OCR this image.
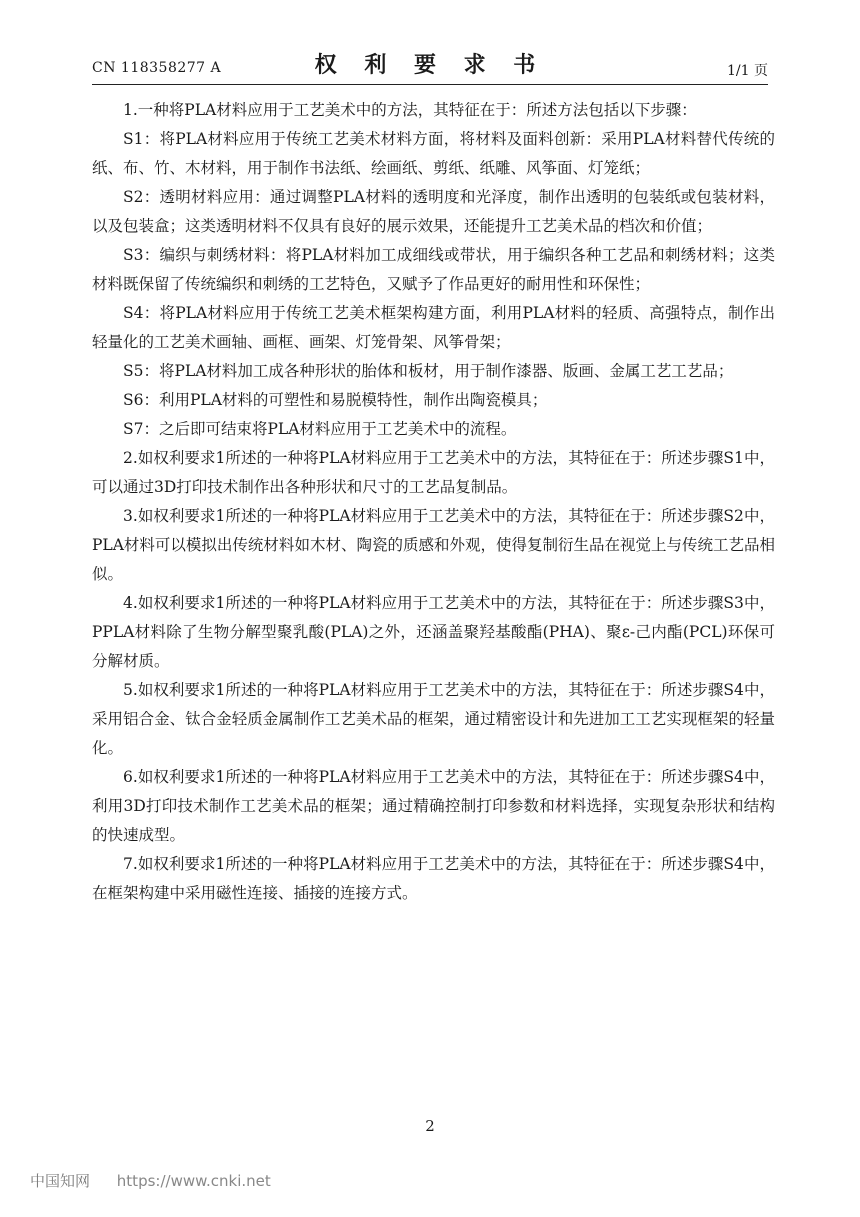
CN 118358277 A	权 利 要 求 书	1/1 页

1.一种将PLA材料应用于工艺美术中的方法，其特征在于：所述方法包括以下步骤：

S1：将PLA材料应用于传统工艺美术材料方面，将材料及面料创新：采用PLA材料替代传统的纸、布、竹、木材料，用于制作书法纸、绘画纸、剪纸、纸雕、风筝面、灯笼纸；

S2：透明材料应用：通过调整PLA材料的透明度和光泽度，制作出透明的包装纸或包装材料，以及包装盒；这类透明材料不仅具有良好的展示效果，还能提升工艺美术品的档次和价值；

S3：编织与刺绣材料：将PLA材料加工成细线或带状，用于编织各种工艺品和刺绣材料；这类材料既保留了传统编织和刺绣的工艺特色，又赋予了作品更好的耐用性和环保性；

S4：将PLA材料应用于传统工艺美术框架构建方面，利用PLA材料的轻质、高强特点，制作出轻量化的工艺美术画轴、画框、画架、灯笼骨架、风筝骨架；

S5：将PLA材料加工成各种形状的胎体和板材，用于制作漆器、版画、金属工艺工艺品；

S6：利用PLA材料的可塑性和易脱模特性，制作出陶瓷模具；

S7：之后即可结束将PLA材料应用于工艺美术中的流程。

2.如权利要求1所述的一种将PLA材料应用于工艺美术中的方法，其特征在于：所述步骤S1中，可以通过3D打印技术制作出各种形状和尺寸的工艺品复制品。

3.如权利要求1所述的一种将PLA材料应用于工艺美术中的方法，其特征在于：所述步骤S2中，PLA材料可以模拟出传统材料如木材、陶瓷的质感和外观，使得复制衍生品在视觉上与传统工艺品相似。

4.如权利要求1所述的一种将PLA材料应用于工艺美术中的方法，其特征在于：所述步骤S3中，PPLA材料除了生物分解型聚乳酸(PLA)之外，还涵盖聚羟基酸酯(PHA)、聚ε-己内酯(PCL)环保可分解材质。

5.如权利要求1所述的一种将PLA材料应用于工艺美术中的方法，其特征在于：所述步骤S4中，采用铝合金、钛合金轻质金属制作工艺美术品的框架，通过精密设计和先进加工工艺实现框架的轻量化。

6.如权利要求1所述的一种将PLA材料应用于工艺美术中的方法，其特征在于：所述步骤S4中，利用3D打印技术制作工艺美术品的框架；通过精确控制打印参数和材料选择，实现复杂形状和结构的快速成型。

7.如权利要求1所述的一种将PLA材料应用于工艺美术中的方法，其特征在于：所述步骤S4中，在框架构建中采用磁性连接、插接的连接方式。

2
中国知网 https://www.cnki.net
